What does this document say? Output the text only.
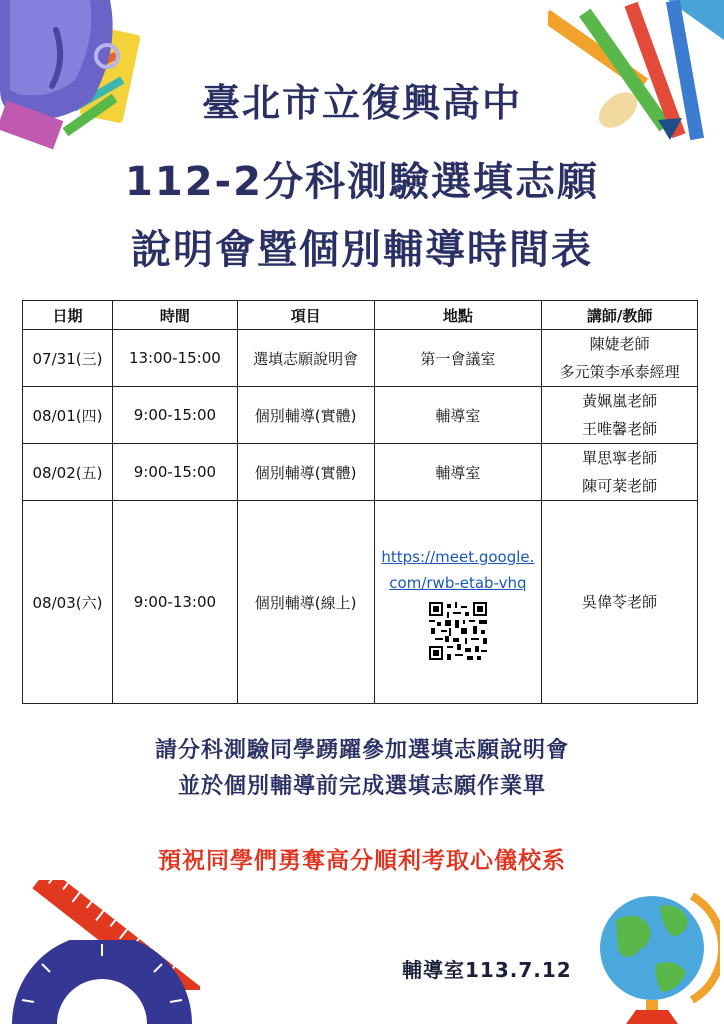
臺北市立復興高中
112-2分科測驗選填志願
說明會暨個別輔導時間表
日期	時間	項目	地點	講師/教師
07/31(三)	13:00-15:00	選填志願說明會	第一會議室	陳婕老師
多元策李承泰經理

08/01(四)	9:00-15:00	個別輔導(實體)	輔導室	黃姵嵐老師
王唯馨老師

08/02(五)	9:00-15:00	個別輔導(實體)	輔導室	單思寧老師
陳可棻老師

08/03(六)	9:00-13:00	個別輔導(線上)	https://meet.google.com/rwb-etab-vhq	吳偉苓老師
請分科測驗同學踴躍參加選填志願說明會
並於個別輔導前完成選填志願作業單
預祝同學們勇奪高分順利考取心儀校系
輔導室113.7.12
